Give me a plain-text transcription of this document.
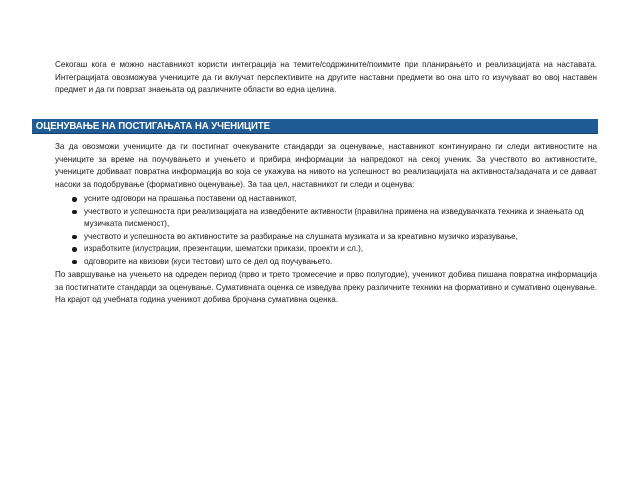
Секогаш кога е можно наставникот користи интеграција на темите/содржините/поимите при планирањето и реализацијата на наставата. Интеграцијата овозможува учениците да ги вклучат перспективите на другите наставни предмети во она што го изучуваат во овој наставен предмет и да ги поврзат знаењата од различните области во една целина.

ОЦЕНУВАЊЕ НА ПОСТИГАЊАТА НА УЧЕНИЦИТЕ

За да овозможи учениците да ги постигнат очекуваните стандарди за оценување, наставникот континуирано ги следи активностите на учениците за време на поучувањето и учењето и прибира информации за напредокот на секој ученик. За учеството во активностите, учениците добиваат повратна информација во која се укажува на нивото на успешност во реализацијата на активноста/задачата и се даваат насоки за подобрување (формативно оценување). За таа цел, наставникот ги следи и оценува:

усните одговори на прашања поставени од наставникот,
учеството и успешноста при реализацијата на изведбените активности (правилна примена на изведувачката техника и знаењата од музичката писменост),
учеството и успешноста во активностите за разбирање на слушната музиката и за креативно музичко изразување,
изработките (илустрации, презентации, шематски прикази, проекти и сл.),
одговорите на квизови (куси тестови) што се дел од поучувањето.

По завршување на учењето на одреден период (прво и трето тромесечие и прво полугодие), ученикот добива пишана повратна информација за постигнатите стандарди за оценување. Сумативната оценка се изведува преку различните техники на формативно и сумативно оценување. На крајот од учебната година ученикот добива бројчана сумативна оценка.
